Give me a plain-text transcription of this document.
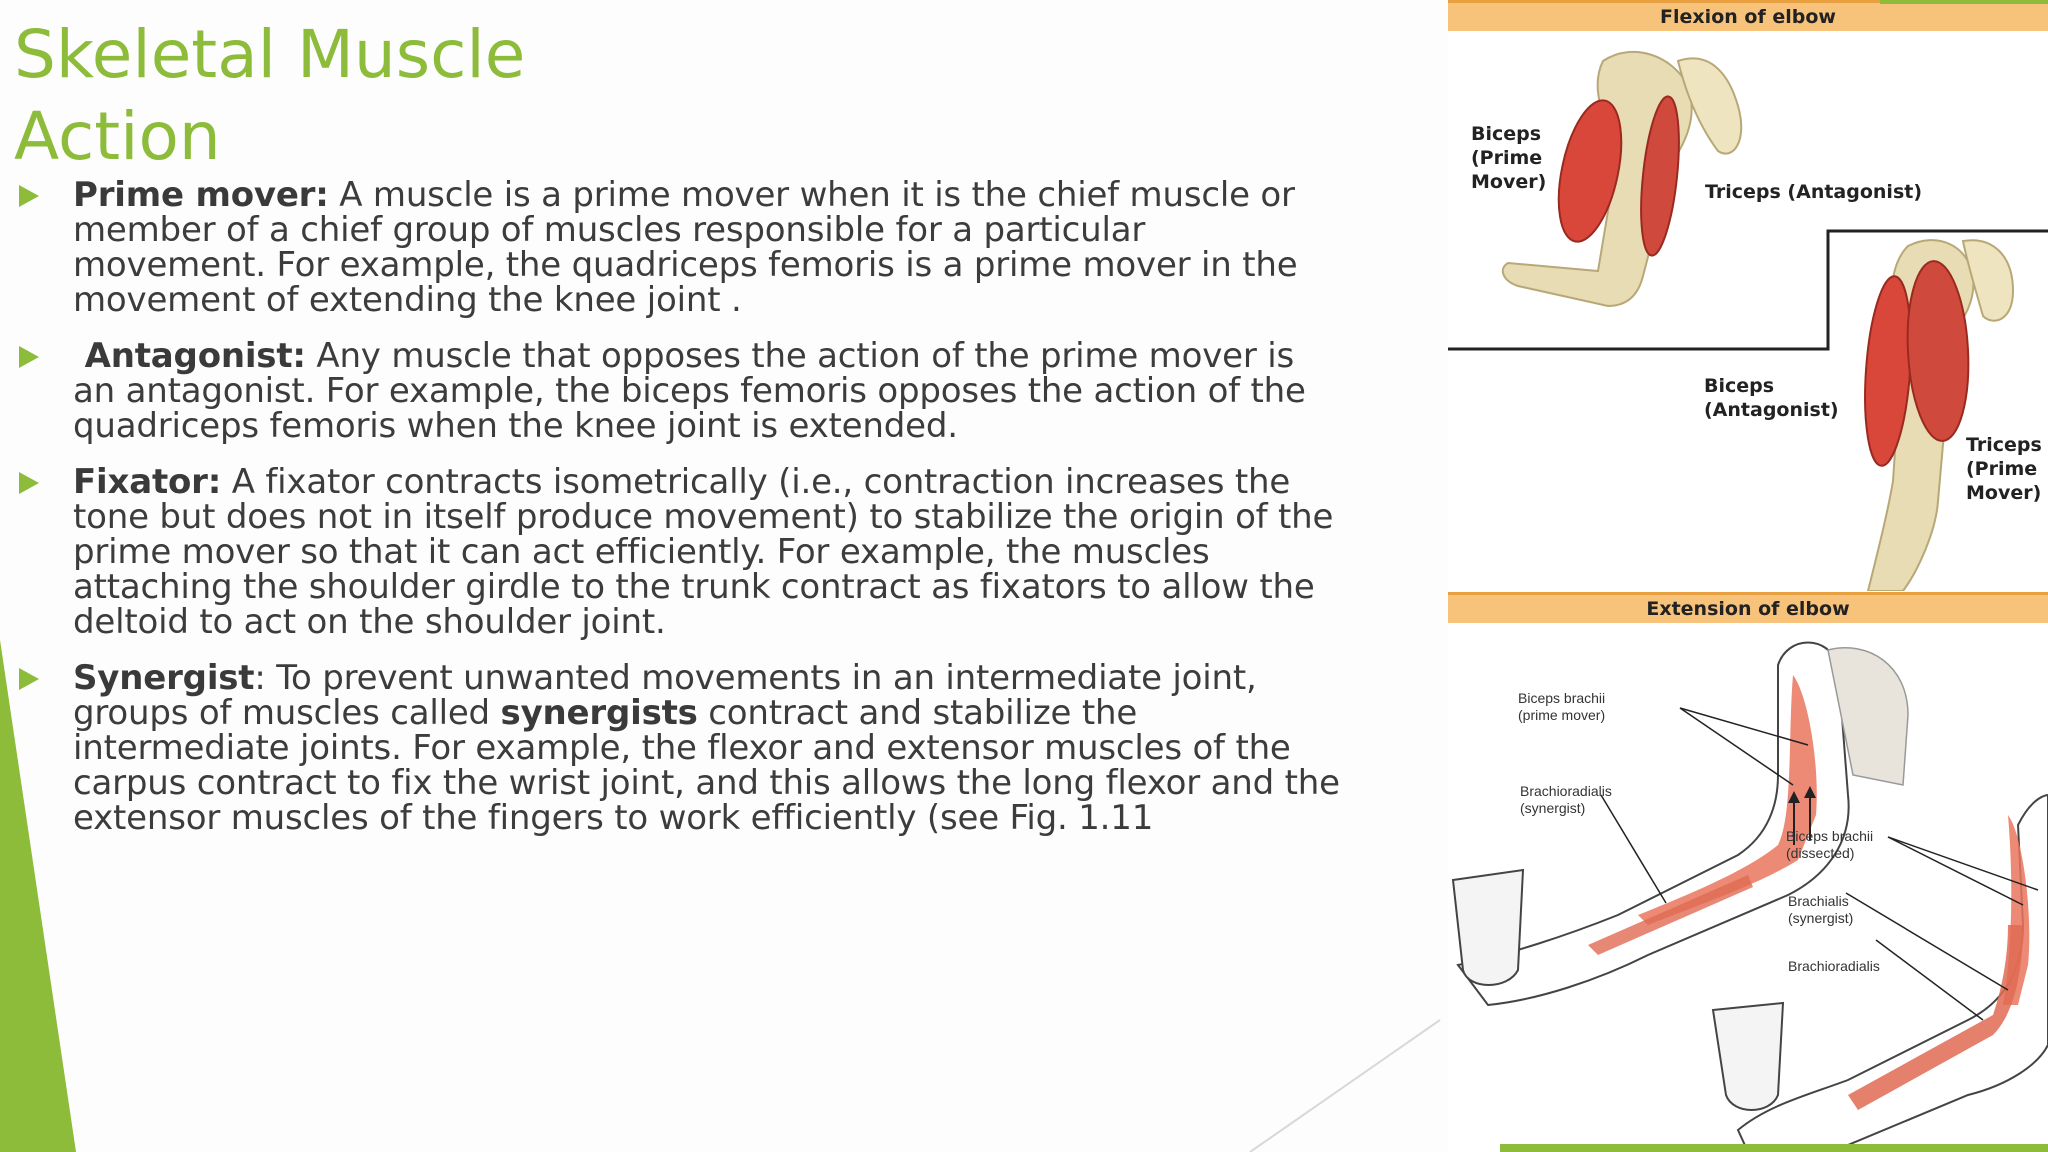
Skeletal Muscle
Action
Prime mover: A muscle is a prime mover when it is the chief muscle or member of a chief group of muscles responsible for a particular movement. For example, the quadriceps femoris is a prime mover in the movement of extending the knee joint .
Antagonist: Any muscle that opposes the action of the prime mover is an antagonist. For example, the biceps femoris opposes the action of the quadriceps femoris when the knee joint is extended.
Fixator: A fixator contracts isometrically (i.e., contraction increases the tone but does not in itself produce movement) to stabilize the origin of the prime mover so that it can act efficiently. For example, the muscles attaching the shoulder girdle to the trunk contract as fixators to allow the deltoid to act on the shoulder joint.
Synergist: To prevent unwanted movements in an intermediate joint, groups of muscles called synergists contract and stabilize the intermediate joints. For example, the flexor and extensor muscles of the carpus contract to fix the wrist joint, and this allows the long flexor and the extensor muscles of the fingers to work efficiently (see Fig. 1.11
Flexion of elbow
Biceps
(Prime
Mover)	Triceps (Antagonist)
Biceps
(Antagonist)
Triceps
(Prime
Mover)
Extension of elbow
Biceps brachii
(prime mover)
Brachioradialis
(synergist)
Biceps brachii
(dissected)
Brachialis
(synergist)
Brachioradialis
